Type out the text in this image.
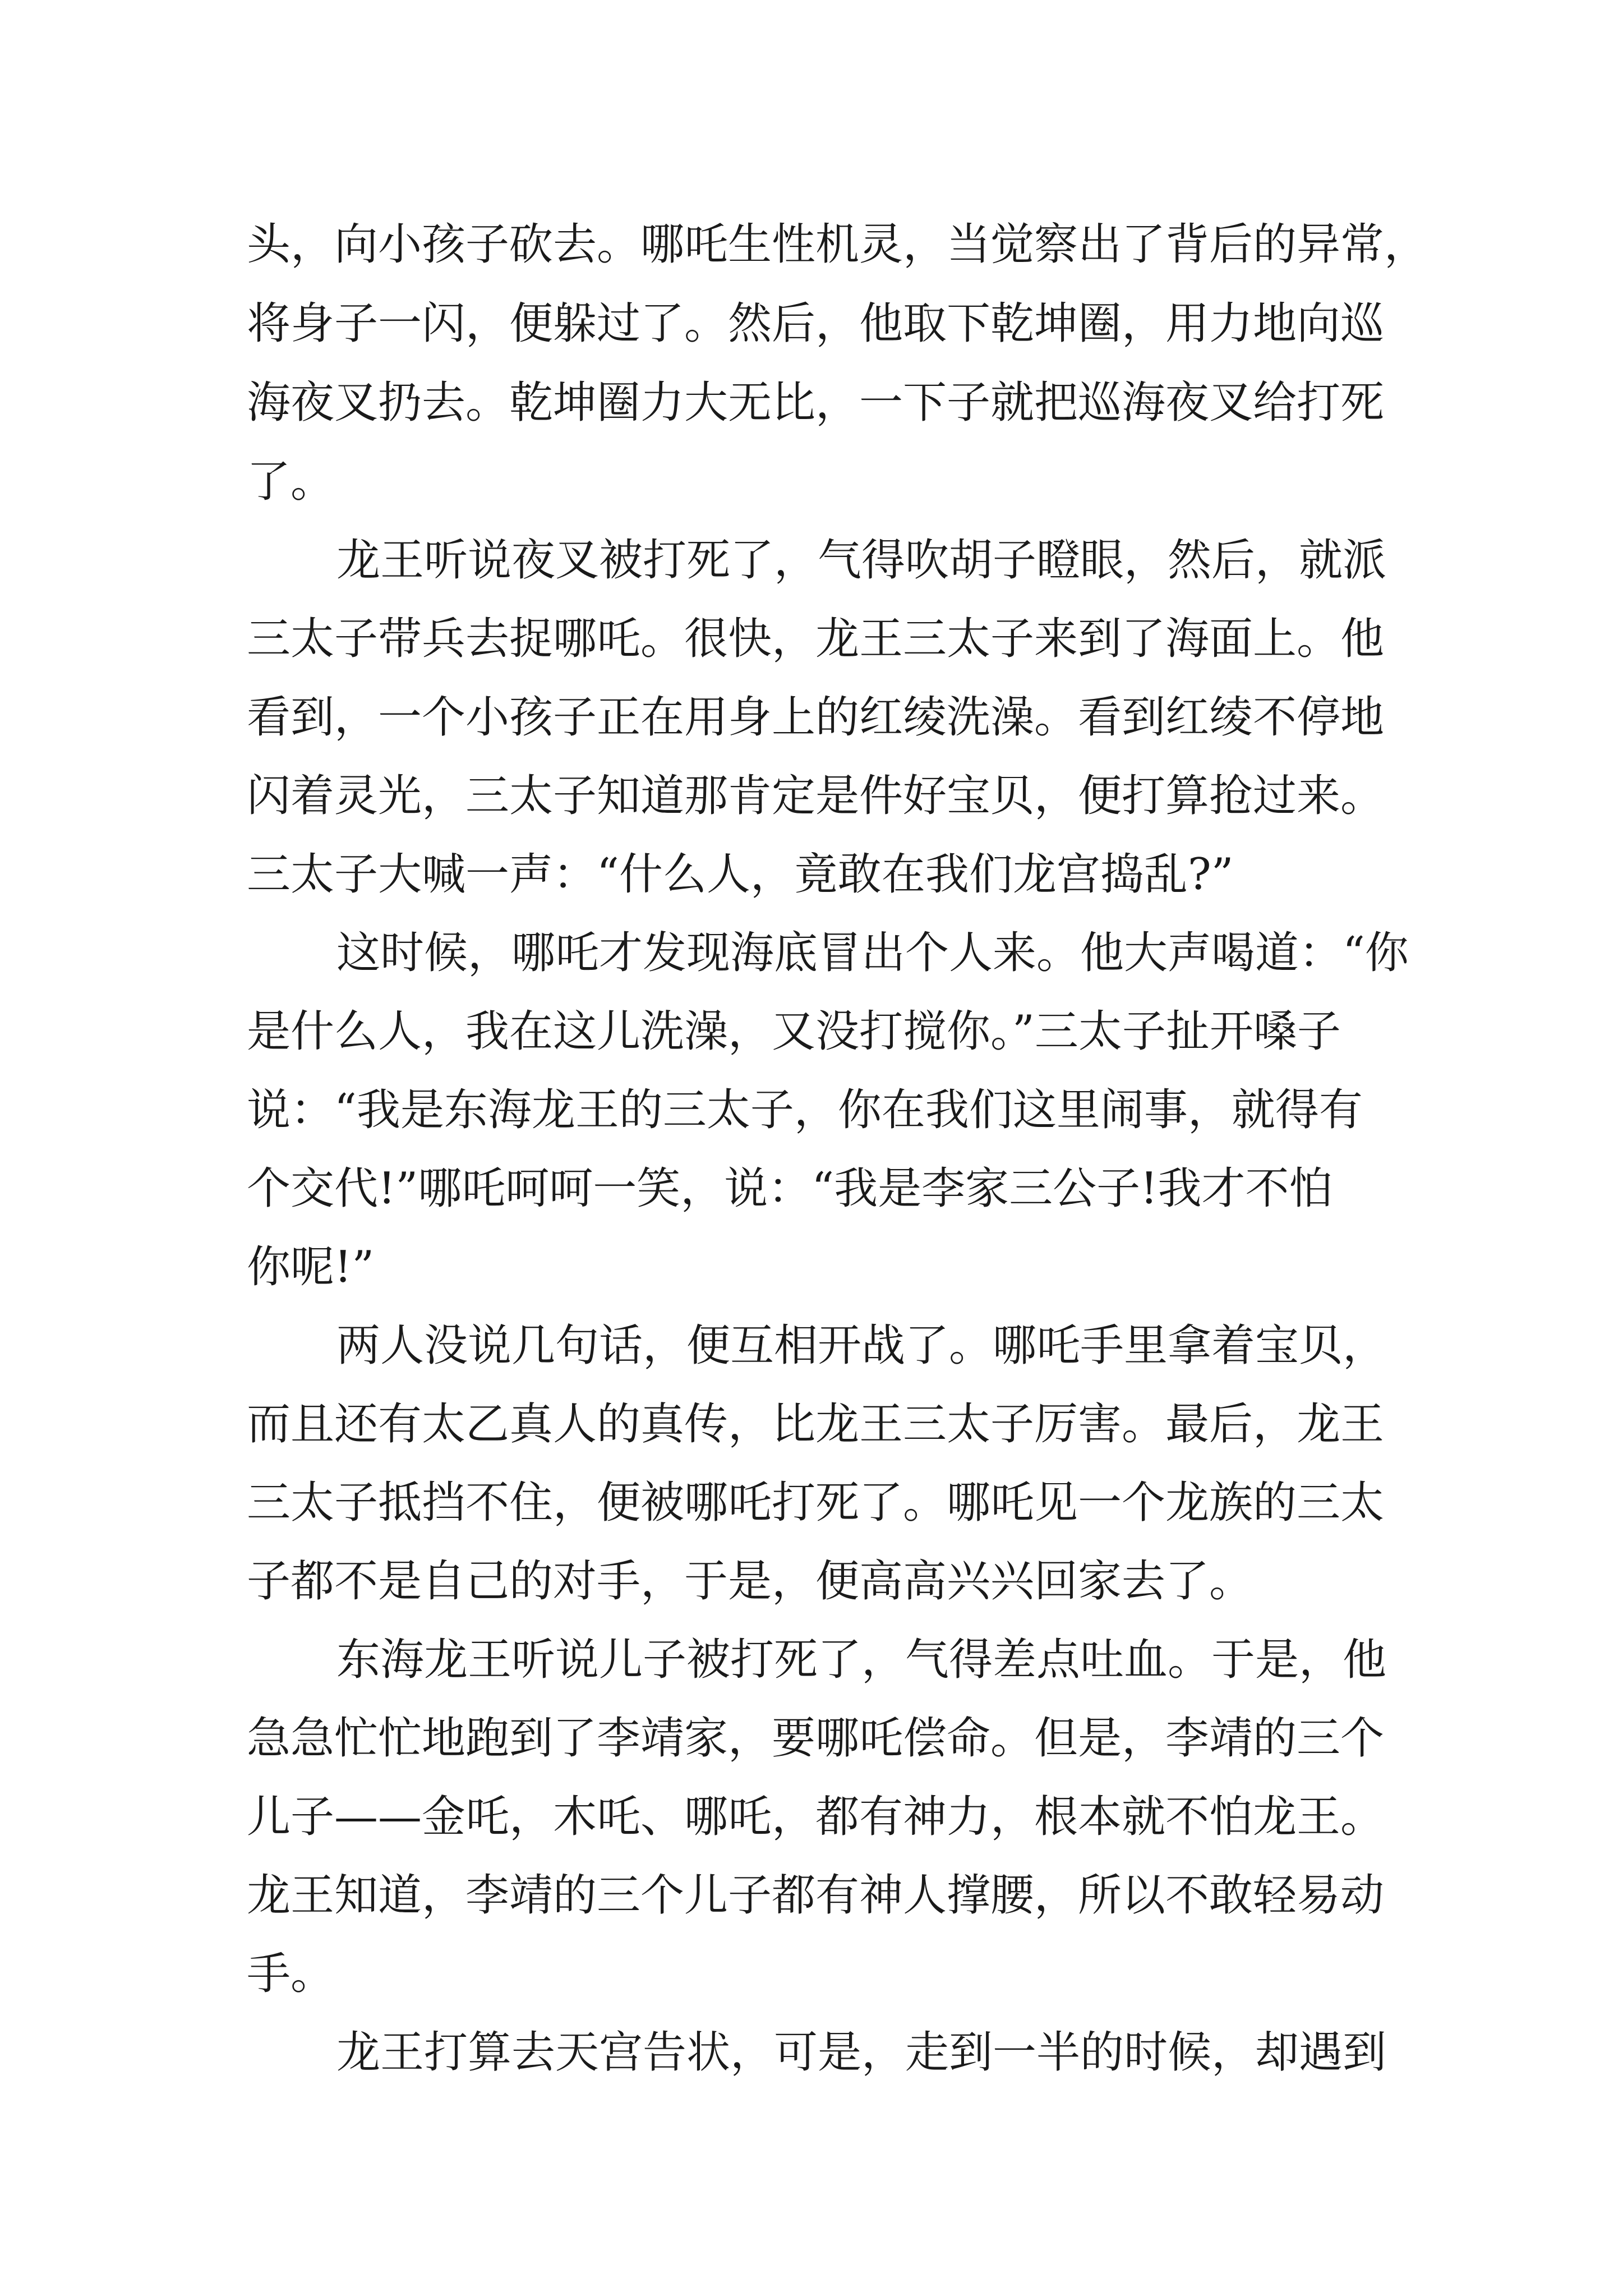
头，向小孩子砍去。哪吒生性机灵，当觉察出了背后的异常，

将身子一闪，便躲过了。然后，他取下乾坤圈，用力地向巡

海夜叉扔去。乾坤圈力大无比，一下子就把巡海夜叉给打死

了。

龙王听说夜叉被打死了，气得吹胡子瞪眼，然后，就派

三太子带兵去捉哪吒。很快，龙王三太子来到了海面上。他

看到，一个小孩子正在用身上的红绫洗澡。看到红绫不停地

闪着灵光，三太子知道那肯定是件好宝贝，便打算抢过来。

三太子大喊一声：“什么人，竟敢在我们龙宫捣乱?”

这时候，哪吒才发现海底冒出个人来。他大声喝道：“你

是什么人，我在这儿洗澡，又没打搅你。”三太子扯开嗓子

说：“我是东海龙王的三太子，你在我们这里闹事，就得有

个交代!”哪吒呵呵一笑，说：“我是李家三公子!我才不怕

你呢!”

两人没说几句话，便互相开战了。哪吒手里拿着宝贝，

而且还有太乙真人的真传，比龙王三太子厉害。最后，龙王

三太子抵挡不住，便被哪吒打死了。哪吒见一个龙族的三太

子都不是自己的对手，于是，便高高兴兴回家去了。

东海龙王听说儿子被打死了，气得差点吐血。于是，他

急急忙忙地跑到了李靖家，要哪吒偿命。但是，李靖的三个

儿子——金吒，木吒、哪吒，都有神力，根本就不怕龙王。

龙王知道，李靖的三个儿子都有神人撑腰，所以不敢轻易动

手。

龙王打算去天宫告状，可是，走到一半的时候，却遇到
